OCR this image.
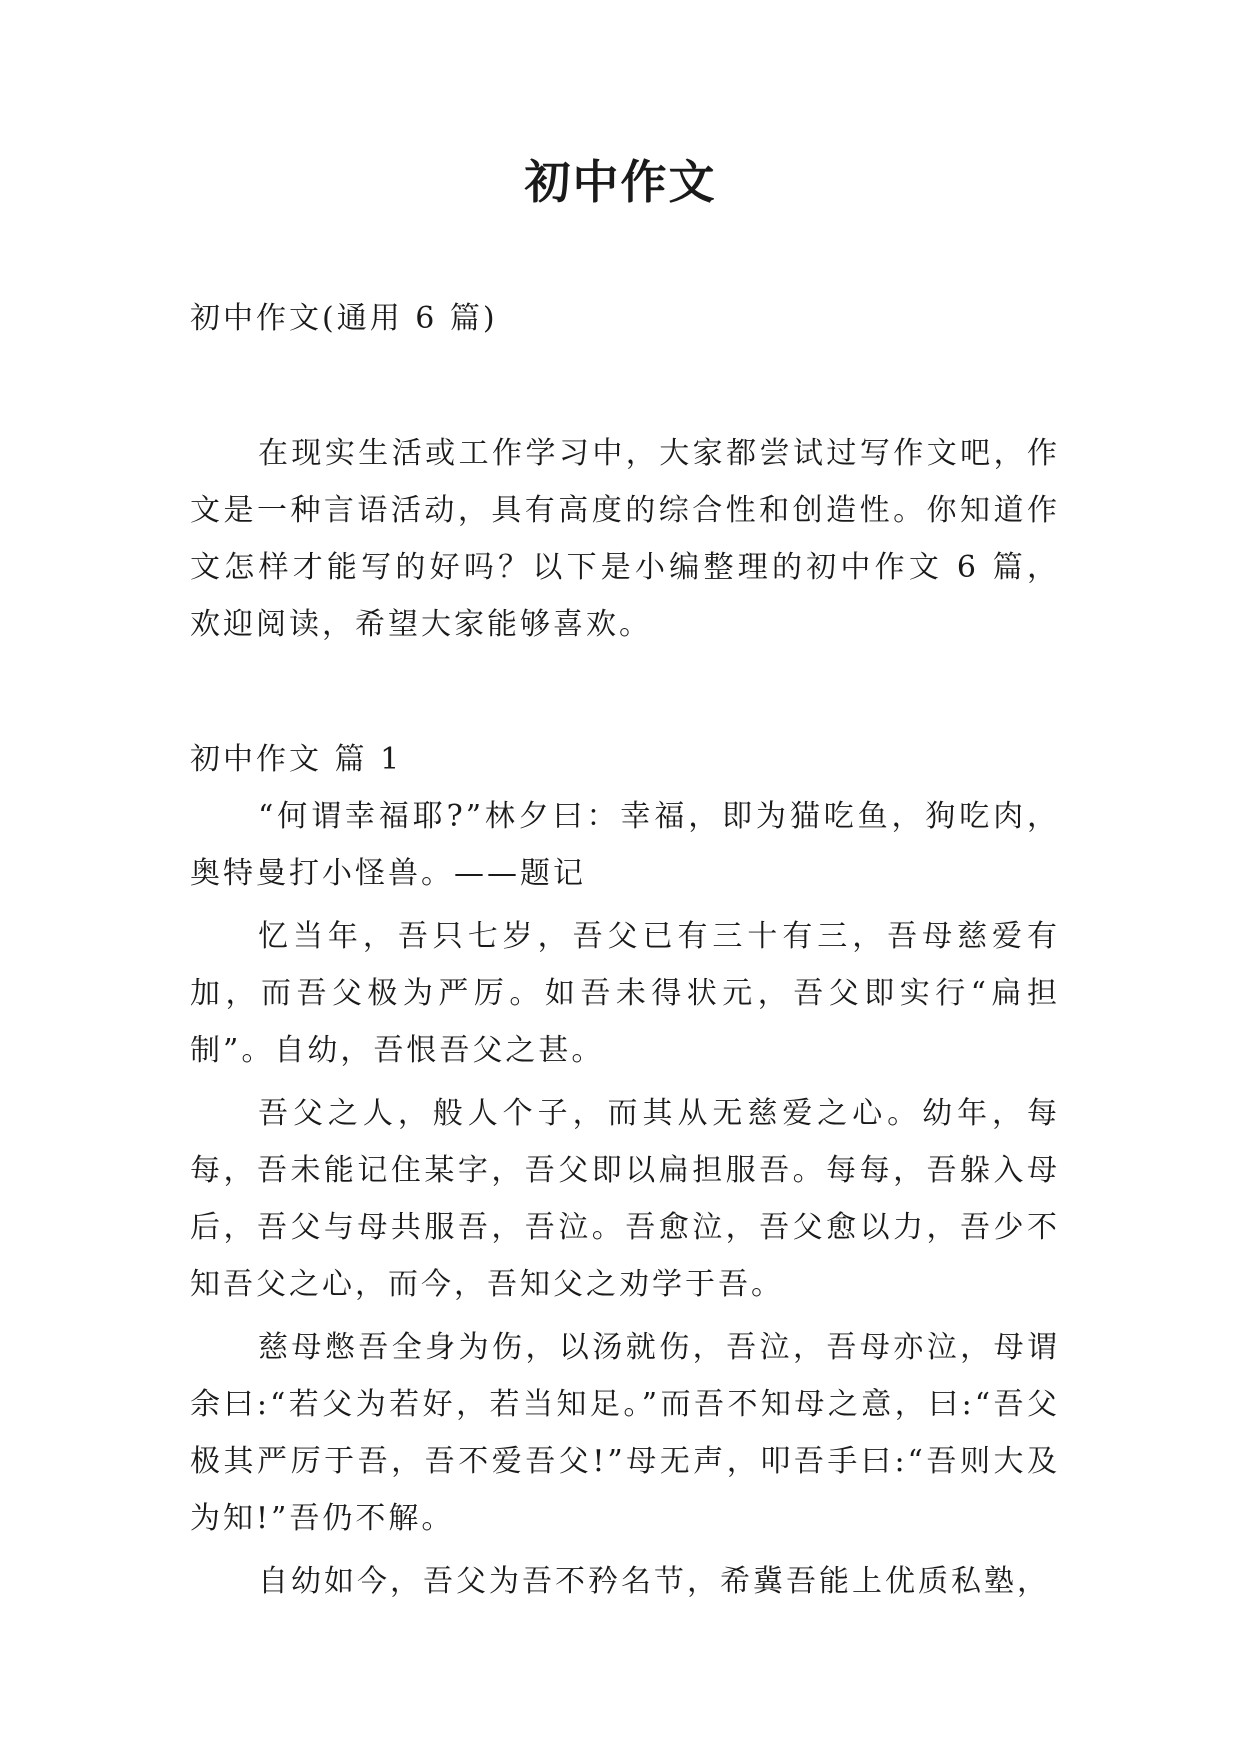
初中作文

初中作文(通用 6 篇)

在现实生活或工作学习中，大家都尝试过写作文吧，作文是一种言语活动，具有高度的综合性和创造性。你知道作文怎样才能写的好吗？以下是小编整理的初中作文 6 篇，欢迎阅读，希望大家能够喜欢。

初中作文 篇 1

“何谓幸福耶?”林夕曰：幸福，即为猫吃鱼，狗吃肉，奥特曼打小怪兽。——题记

忆当年，吾只七岁，吾父已有三十有三，吾母慈爱有加，而吾父极为严厉。如吾未得状元，吾父即实行“扁担制”。自幼，吾恨吾父之甚。

吾父之人，般人个子，而其从无慈爱之心。幼年，每每，吾未能记住某字，吾父即以扁担服吾。每每，吾躲入母后，吾父与母共服吾，吾泣。吾愈泣，吾父愈以力，吾少不知吾父之心，而今，吾知父之劝学于吾。

慈母憋吾全身为伤，以汤就伤，吾泣，吾母亦泣，母谓余曰:“若父为若好，若当知足。”而吾不知母之意，曰:“吾父极其严厉于吾，吾不爱吾父!”母无声，叩吾手曰:“吾则大及为知!”吾仍不解。

自幼如今，吾父为吾不矜名节，希冀吾能上优质私塾，
